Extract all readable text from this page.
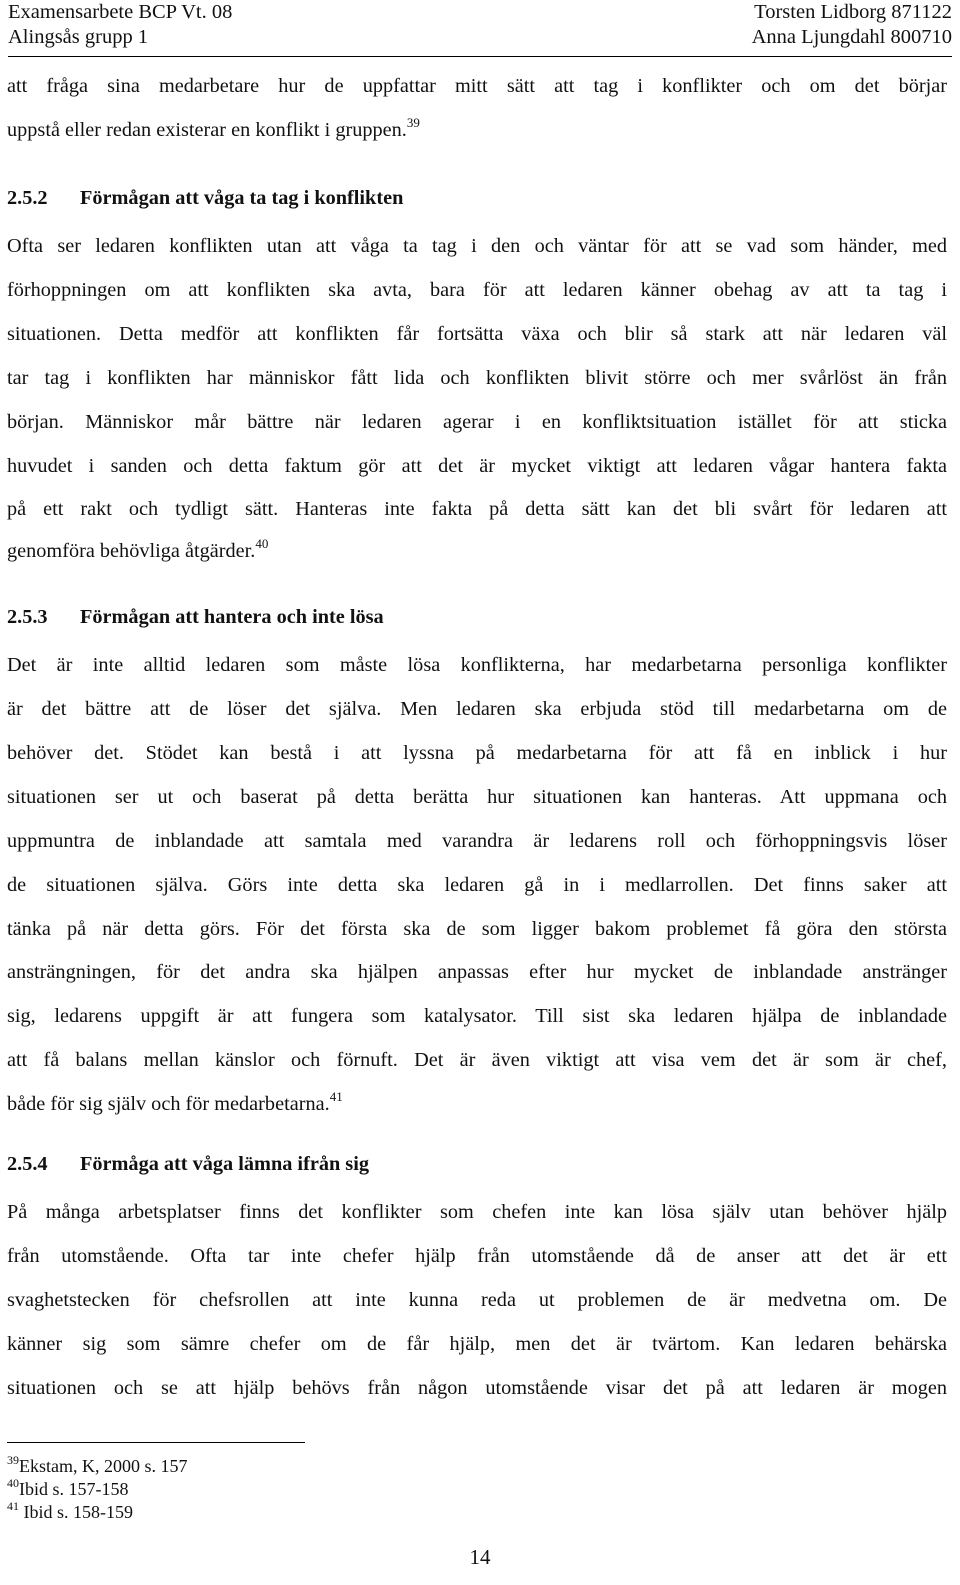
Examensarbete BCP Vt. 08
Alingsås grupp 1
Torsten Lidborg 871122
Anna Ljungdahl 800710
att fråga sina medarbetare hur de uppfattar mitt sätt att tag i konflikter och om det börjar
uppstå eller redan existerar en konflikt i gruppen.$^{39}$
2.5.2 Förmågan att våga ta tag i konflikten
Ofta ser ledaren konflikten utan att våga ta tag i den och väntar för att se vad som händer, med
förhoppningen om att konflikten ska avta, bara för att ledaren känner obehag av att ta tag i
situationen. Detta medför att konflikten får fortsätta växa och blir så stark att när ledaren väl
tar tag i konflikten har människor fått lida och konflikten blivit större och mer svårlöst än från
början. Människor mår bättre när ledaren agerar i en konfliktsituation istället för att sticka
huvudet i sanden och detta faktum gör att det är mycket viktigt att ledaren vågar hantera fakta
på ett rakt och tydligt sätt. Hanteras inte fakta på detta sätt kan det bli svårt för ledaren att
genomföra behövliga åtgärder.$^{40}$
2.5.3 Förmågan att hantera och inte lösa
Det är inte alltid ledaren som måste lösa konflikterna, har medarbetarna personliga konflikter
är det bättre att de löser det själva. Men ledaren ska erbjuda stöd till medarbetarna om de
behöver det. Stödet kan bestå i att lyssna på medarbetarna för att få en inblick i hur
situationen ser ut och baserat på detta berätta hur situationen kan hanteras. Att uppmana och
uppmuntra de inblandade att samtala med varandra är ledarens roll och förhoppningsvis löser
de situationen själva. Görs inte detta ska ledaren gå in i medlarrollen. Det finns saker att
tänka på när detta görs. För det första ska de som ligger bakom problemet få göra den största
ansträngningen, för det andra ska hjälpen anpassas efter hur mycket de inblandade anstränger
sig, ledarens uppgift är att fungera som katalysator. Till sist ska ledaren hjälpa de inblandade
att få balans mellan känslor och förnuft. Det är även viktigt att visa vem det är som är chef,
både för sig själv och för medarbetarna.$^{41}$
2.5.4 Förmåga att våga lämna ifrån sig
På många arbetsplatser finns det konflikter som chefen inte kan lösa själv utan behöver hjälp
från utomstående. Ofta tar inte chefer hjälp från utomstående då de anser att det är ett
svaghetstecken för chefsrollen att inte kunna reda ut problemen de är medvetna om. De
känner sig som sämre chefer om de får hjälp, men det är tvärtom. Kan ledaren behärska
situationen och se att hjälp behövs från någon utomstående visar det på att ledaren är mogen
$^{39}$Ekstam, K, 2000 s. 157
$^{40}$Ibid s. 157-158
$^{41}$ Ibid s. 158-159
14
